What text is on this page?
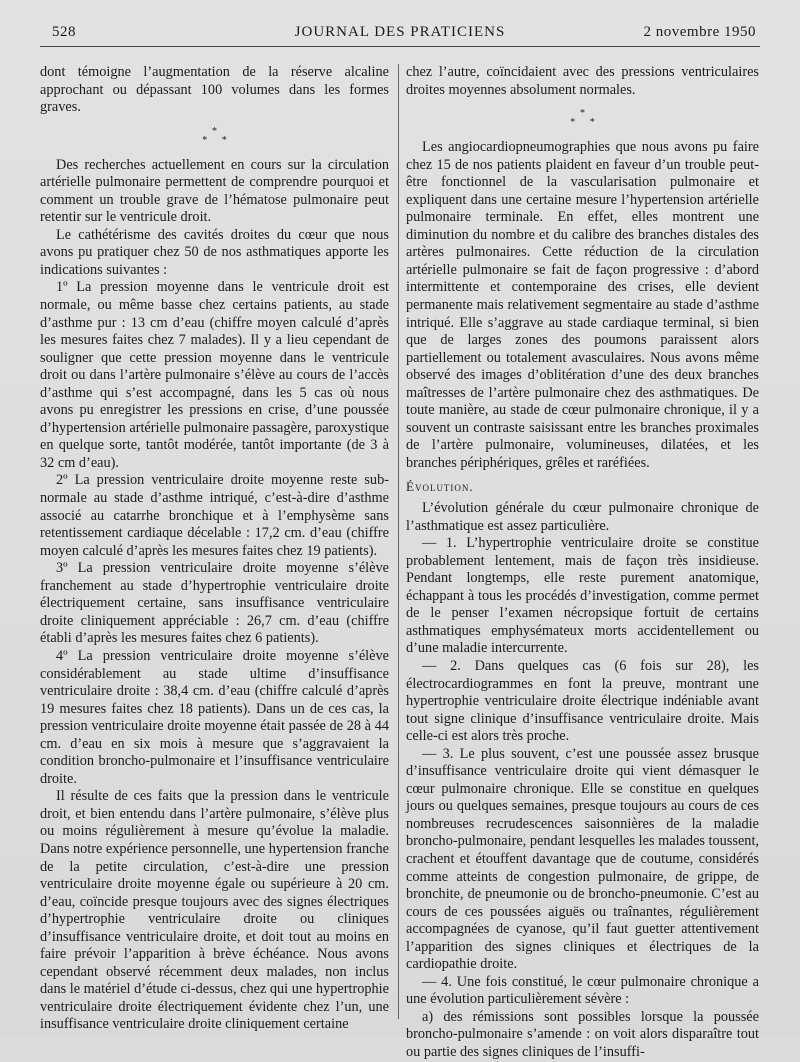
528	JOURNAL DES PRATICIENS	2 novembre 1950

dont témoigne l’augmentation de la réserve alcaline approchant ou dépassant 100 volumes dans les formes graves.

*
* *

Des recherches actuellement en cours sur la circulation artérielle pulmonaire permettent de comprendre pourquoi et comment un trouble grave de l’hématose pulmonaire peut retentir sur le ventricule droit.

Le cathétérisme des cavités droites du cœur que nous avons pu pratiquer chez 50 de nos asthmatiques apporte les indications suivantes :

1º La pression moyenne dans le ventricule droit est normale, ou même basse chez certains patients, au stade d’asthme pur : 13 cm d’eau (chiffre moyen calculé d’après les mesures faites chez 7 malades). Il y a lieu cependant de souligner que cette pression moyenne dans le ventricule droit ou dans l’artère pulmonaire s’élève au cours de l’accès d’asthme qui s’est accompagné, dans les 5 cas où nous avons pu enregistrer les pressions en crise, d’une poussée d’hypertension artérielle pulmonaire passagère, paroxystique en quelque sorte, tantôt modérée, tantôt importante (de 3 à 32 cm d’eau).

2º La pression ventriculaire droite moyenne reste sub-normale au stade d’asthme intriqué, c’est-à-dire d’asthme associé au catarrhe bronchique et à l’emphysème sans retentissement cardiaque décelable : 17,2 cm. d’eau (chiffre moyen calculé d’après les mesures faites chez 19 patients).

3º La pression ventriculaire droite moyenne s’élève franchement au stade d’hypertrophie ventriculaire droite électriquement certaine, sans insuffisance ventriculaire droite cliniquement appréciable : 26,7 cm. d’eau (chiffre établi d’après les mesures faites chez 6 patients).

4º La pression ventriculaire droite moyenne s’élève considérablement au stade ultime d’insuffisance ventriculaire droite : 38,4 cm. d’eau (chiffre calculé d’après 19 mesures faites chez 18 patients). Dans un de ces cas, la pression ventriculaire droite moyenne était passée de 28 à 44 cm. d’eau en six mois à mesure que s’aggravaient la condition broncho-pulmonaire et l’insuffisance ventriculaire droite.

Il résulte de ces faits que la pression dans le ventricule droit, et bien entendu dans l’artère pulmonaire, s’élève plus ou moins régulièrement à mesure qu’évolue la maladie. Dans notre expérience personnelle, une hypertension franche de la petite circulation, c’est-à-dire une pression ventriculaire droite moyenne égale ou supérieure à 20 cm. d’eau, coïncide presque toujours avec des signes électriques d’hypertrophie ventriculaire droite ou cliniques d’insuffisance ventriculaire droite, et doit tout au moins en faire prévoir l’apparition à brève échéance. Nous avons cependant observé récemment deux malades, non inclus dans le matériel d’étude ci-dessus, chez qui une hypertrophie ventriculaire droite électriquement évidente chez l’un, une insuffisance ventriculaire droite cliniquement certaine

chez l’autre, coïncidaient avec des pressions ventriculaires droites moyennes absolument normales.

*
* *

Les angiocardiopneumographies que nous avons pu faire chez 15 de nos patients plaident en faveur d’un trouble peut-être fonctionnel de la vascularisation pulmonaire et expliquent dans une certaine mesure l’hypertension artérielle pulmonaire terminale. En effet, elles montrent une diminution du nombre et du calibre des branches distales des artères pulmonaires. Cette réduction de la circulation artérielle pulmonaire se fait de façon progressive : d’abord intermittente et contemporaine des crises, elle devient permanente mais relativement segmentaire au stade d’asthme intriqué. Elle s’aggrave au stade cardiaque terminal, si bien que de larges zones des poumons paraissent alors partiellement ou totalement avasculaires. Nous avons même observé des images d’oblitération d’une des deux branches maîtresses de l’artère pulmonaire chez des asthmatiques. De toute manière, au stade de cœur pulmonaire chronique, il y a souvent un contraste saisissant entre les branches proximales de l’artère pulmonaire, volumineuses, dilatées, et les branches périphériques, grêles et raréfiées.

Évolution.

L’évolution générale du cœur pulmonaire chronique de l’asthmatique est assez particulière.

— 1. L’hypertrophie ventriculaire droite se constitue probablement lentement, mais de façon très insidieuse. Pendant longtemps, elle reste purement anatomique, échappant à tous les procédés d’investigation, comme permet de le penser l’examen nécropsique fortuit de certains asthmatiques emphysémateux morts accidentellement ou d’une maladie intercurrente.

— 2. Dans quelques cas (6 fois sur 28), les électrocardiogrammes en font la preuve, montrant une hypertrophie ventriculaire droite électrique indéniable avant tout signe clinique d’insuffisance ventriculaire droite. Mais celle-ci est alors très proche.

— 3. Le plus souvent, c’est une poussée assez brusque d’insuffisance ventriculaire droite qui vient démasquer le cœur pulmonaire chronique. Elle se constitue en quelques jours ou quelques semaines, presque toujours au cours de ces nombreuses recrudescences saisonnières de la maladie broncho-pulmonaire, pendant lesquelles les malades toussent, crachent et étouffent davantage que de coutume, considérés comme atteints de congestion pulmonaire, de grippe, de bronchite, de pneumonie ou de broncho-pneumonie. C’est au cours de ces poussées aiguës ou traînantes, régulièrement accompagnées de cyanose, qu’il faut guetter attentivement l’apparition des signes cliniques et électriques de la cardiopathie droite.

— 4. Une fois constitué, le cœur pulmonaire chronique a une évolution particulièrement sévère :

a) des rémissions sont possibles lorsque la poussée broncho-pulmonaire s’amende : on voit alors disparaître tout ou partie des signes cliniques de l’insuffi-
